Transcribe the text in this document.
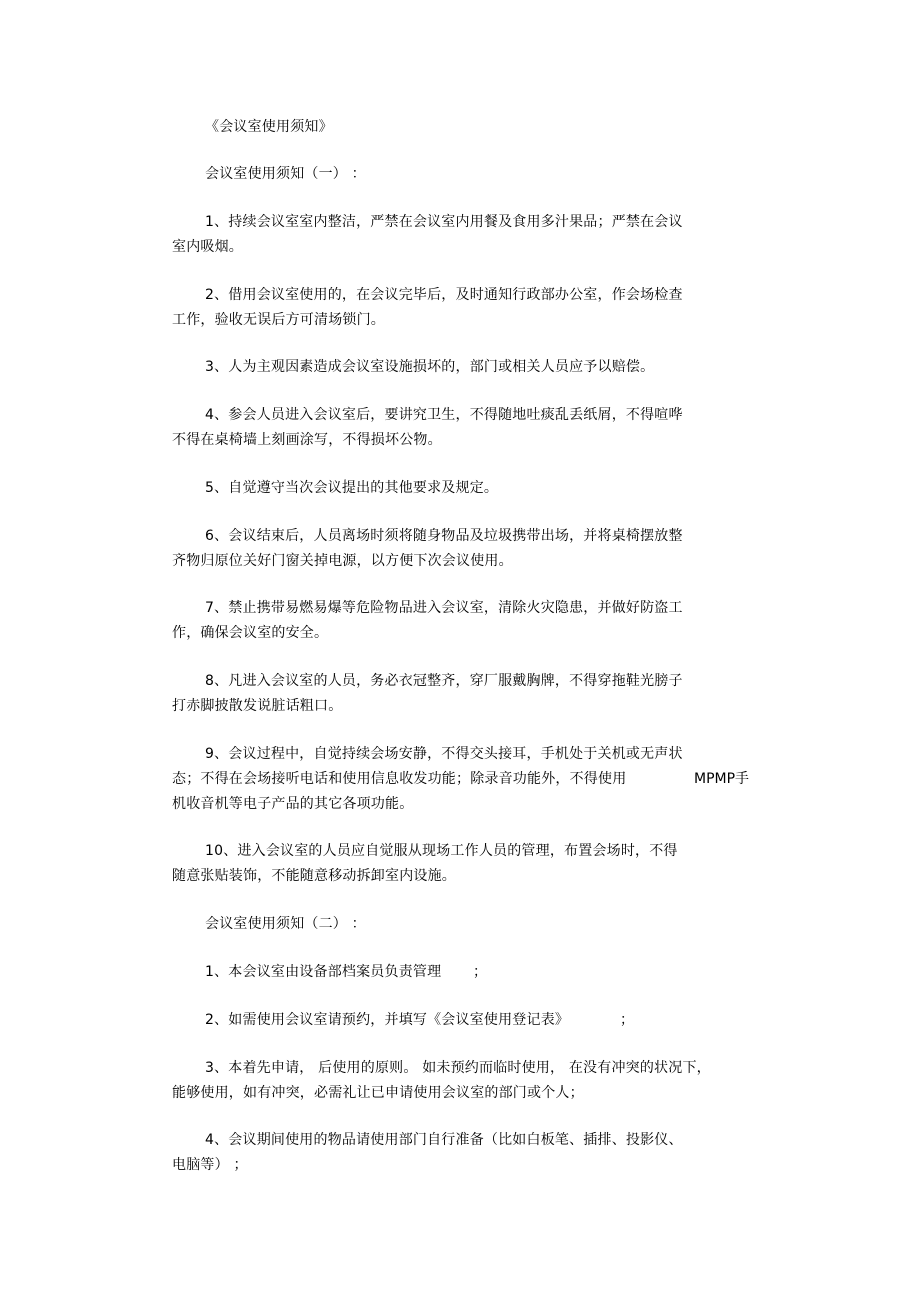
《会议室使用须知》
会议室使用须知（一） ：
1、持续会议室室内整洁，严禁在会议室内用餐及食用多汁果品；严禁在会议
室内吸烟。
2、借用会议室使用的，在会议完毕后，及时通知行政部办公室，作会场检查
工作，验收无误后方可清场锁门。
3、人为主观因素造成会议室设施损坏的，部门或相关人员应予以赔偿。
4、参会人员进入会议室后，要讲究卫生，不得随地吐痰乱丢纸屑，不得喧哗
不得在桌椅墙上刻画涂写，不得损坏公物。
5、自觉遵守当次会议提出的其他要求及规定。
6、会议结束后，人员离场时须将随身物品及垃圾携带出场，并将桌椅摆放整
齐物归原位关好门窗关掉电源，以方便下次会议使用。
7、禁止携带易燃易爆等危险物品进入会议室，清除火灾隐患，并做好防盗工
作，确保会议室的安全。
8、凡进入会议室的人员，务必衣冠整齐，穿厂服戴胸牌，不得穿拖鞋光膀子
打赤脚披散发说脏话粗口。
9、会议过程中，自觉持续会场安静，不得交头接耳，手机处于关机或无声状
态；不得在会场接听电话和使用信息收发功能；除录音功能外，不得使用	MPMP手
机收音机等电子产品的其它各项功能。
10、进入会议室的人员应自觉服从现场工作人员的管理，布置会场时，不得
随意张贴装饰，不能随意移动拆卸室内设施。
会议室使用须知（二） ：
1、本会议室由设备部档案员负责管理 ；
2、如需使用会议室请预约，并填写《会议室使用登记表》	；
3、本着先申请， 后使用的原则。 如未预约而临时使用， 在没有冲突的状况下，
能够使用，如有冲突，必需礼让已申请使用会议室的部门或个人；
4、会议期间使用的物品请使用部门自行准备（比如白板笔、插排、投影仪、
电脑等） ；
